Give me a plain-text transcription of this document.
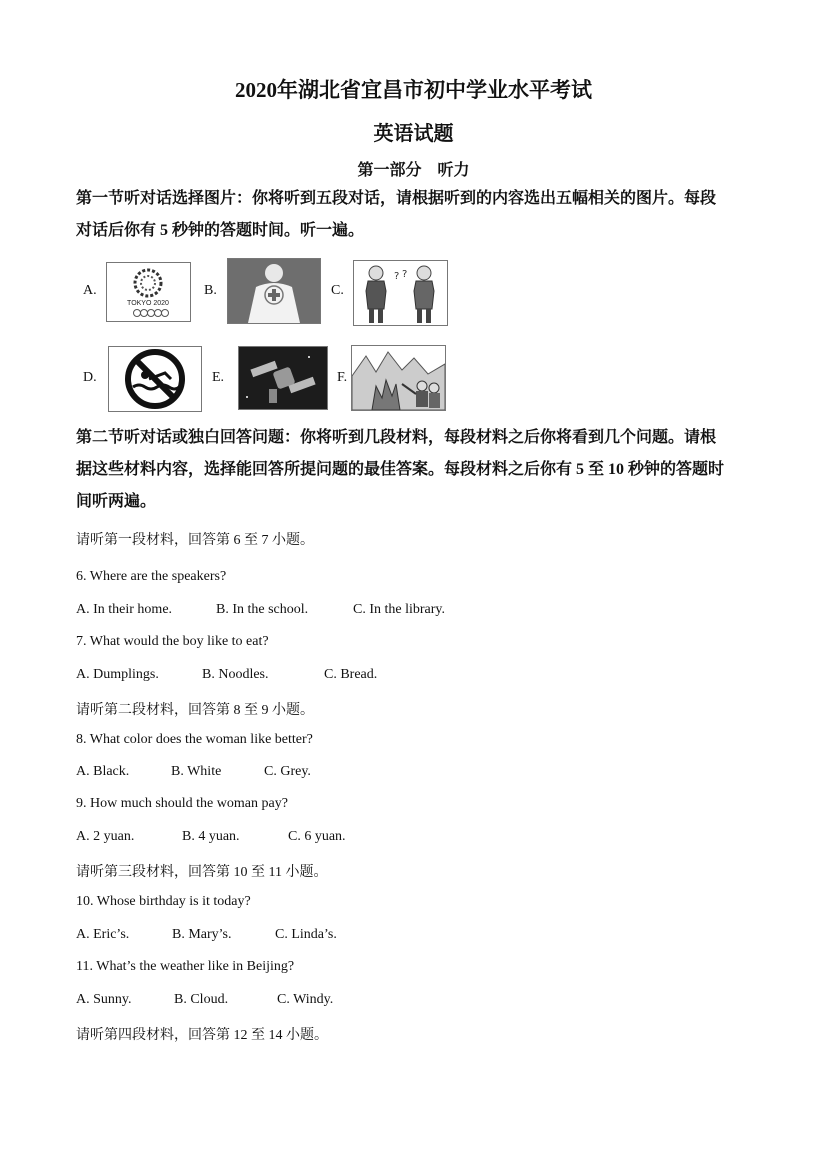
2020年湖北省宜昌市初中学业水平考试
英语试题
第一部分　听力
第一节听对话选择图片：你将听到五段对话，请根据听到的内容选出五幅相关的图片。每段
对话后你有 5 秒钟的答题时间。听一遍。
A.
TOKYO 2020
B.	C.
? ?
D.	E.	F.
第二节听对话或独白回答问题：你将听到几段材料，每段材料之后你将看到几个问题。请根
据这些材料内容，选择能回答所提问题的最佳答案。每段材料之后你有 5 至 10 秒钟的答题时
间听两遍。
请听第一段材料，回答第 6 至 7 小题。
6. Where are the speakers?
A. In their home.	B. In the school.	C. In the library.
7. What would the boy like to eat?
A. Dumplings.	B. Noodles.	C. Bread.
请听第二段材料，回答第 8 至 9 小题。
8. What color does the woman like better?
A. Black.	B. White	C. Grey.
9. How much should the woman pay?
A. 2 yuan.	B. 4 yuan.	C. 6 yuan.
请听第三段材料，回答第 10 至 11 小题。
10. Whose birthday is it today?
A. Eric’s.	B. Mary’s.	C. Linda’s.
11. What’s the weather like in Beijing?
A. Sunny.	B. Cloud.	C. Windy.
请听第四段材料，回答第 12 至 14 小题。
